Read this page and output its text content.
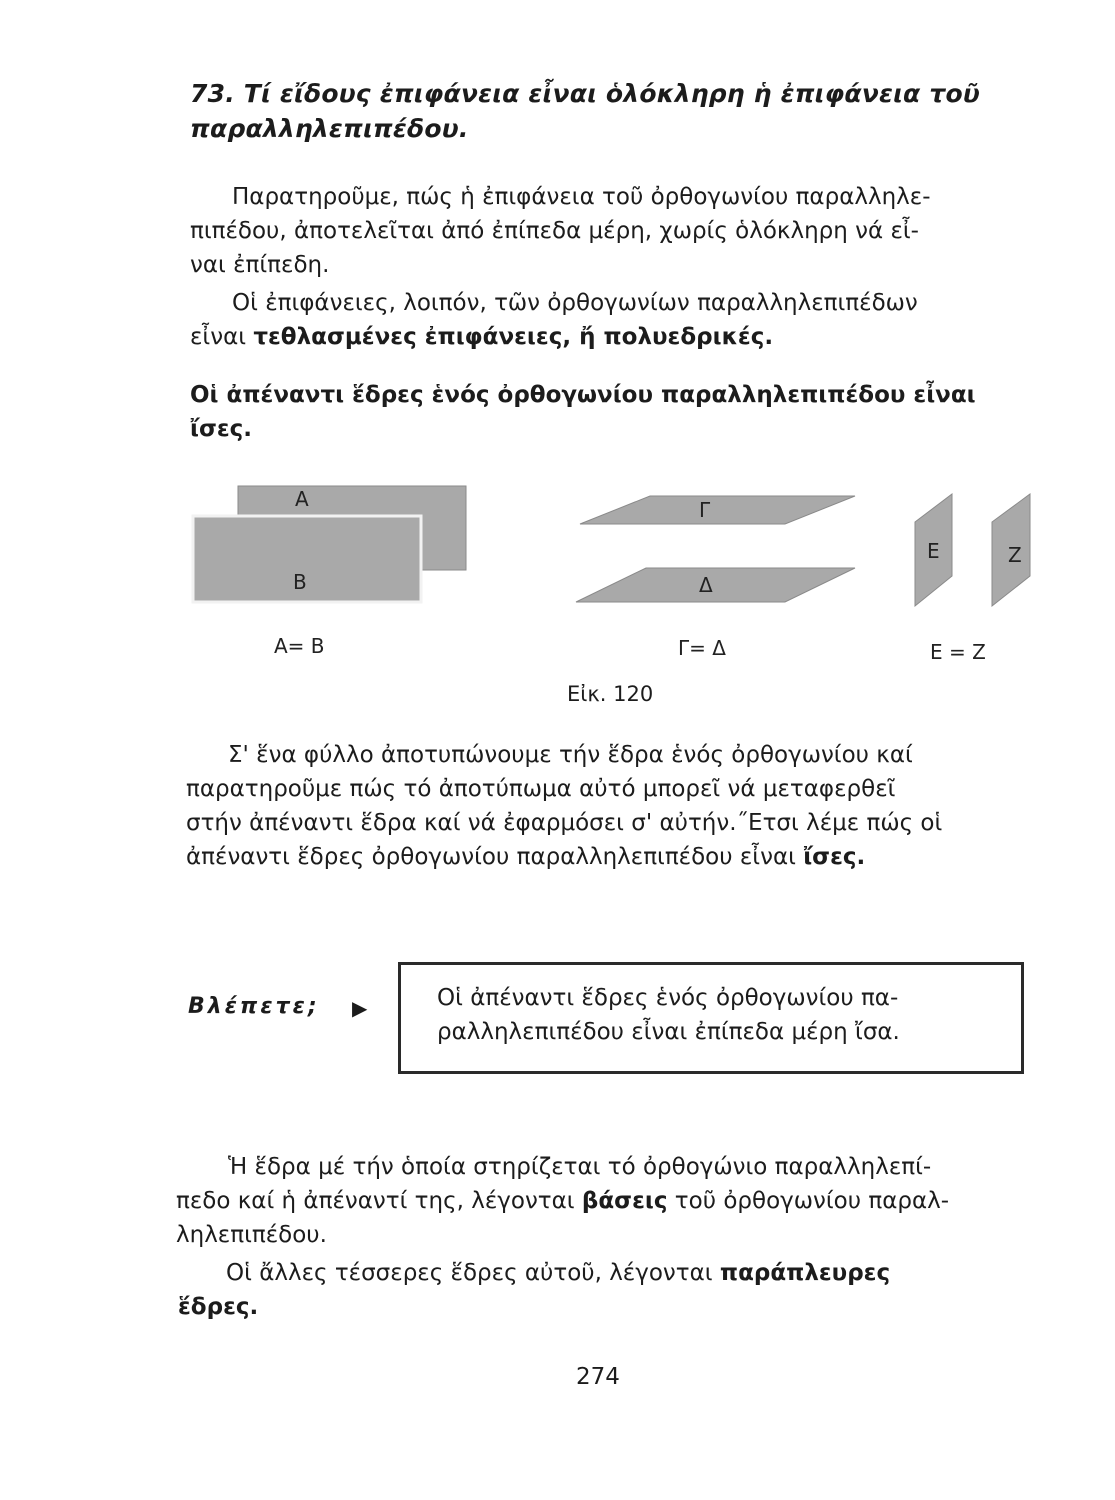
73. Τί εἴδους ἐπιφάνεια εἶναι ὁλόκληρη ἡ ἐπιφάνεια τοῦ
παραλληλεπιπέδου.
Παρατηροῦμε, πώς ἡ ἐπιφάνεια τοῦ ὀρθογωνίου παραλληλε-
πιπέδου, ἀποτελεῖται ἀπό ἐπίπεδα μέρη, χωρίς ὁλόκληρη νά εἶ-
ναι ἐπίπεδη.
Οἱ ἐπιφάνειες, λοιπόν, τῶν ὀρθογωνίων παραλληλεπιπέδων
εἶναι τεθλασμένες ἐπιφάνειες, ἤ πολυεδρικές.
Οἱ ἀπέναντι ἕδρες ἑνός ὀρθογωνίου παραλληλεπιπέδου εἶναι
ἴσες.
Α
Β
Γ
Δ
Ε	Ζ
Α= Β	Γ= Δ	Ε = Ζ
Εἰκ. 120
Σ' ἕνα φύλλο ἀποτυπώνουμε τήν ἕδρα ἑνός ὀρθογωνίου καί
παρατηροῦμε πώς τό ἀποτύπωμα αὐτό μπορεῖ νά μεταφερθεῖ
στήν ἀπέναντι ἕδρα καί νά ἐφαρμόσει σ' αὐτήν.˝Ετσι λέμε πώς οἱ
ἀπέναντι ἕδρες ὀρθογωνίου παραλληλεπιπέδου εἶναι ἴσες.
Βλέπετε; ▶	Οἱ ἀπέναντι ἕδρες ἑνός ὀρθογωνίου πα-
ραλληλεπιπέδου εἶναι ἐπίπεδα μέρη ἴσα.
Ἡ ἕδρα μέ τήν ὁποία στηρίζεται τό ὀρθογώνιο παραλληλεπί-
πεδο καί ἡ ἀπέναντί της, λέγονται βάσεις τοῦ ὀρθογωνίου παραλ-
ληλεπιπέδου.
Οἱ ἄλλες τέσσερες ἕδρες αὐτοῦ, λέγονται παράπλευρες
ἕδρες.
274
